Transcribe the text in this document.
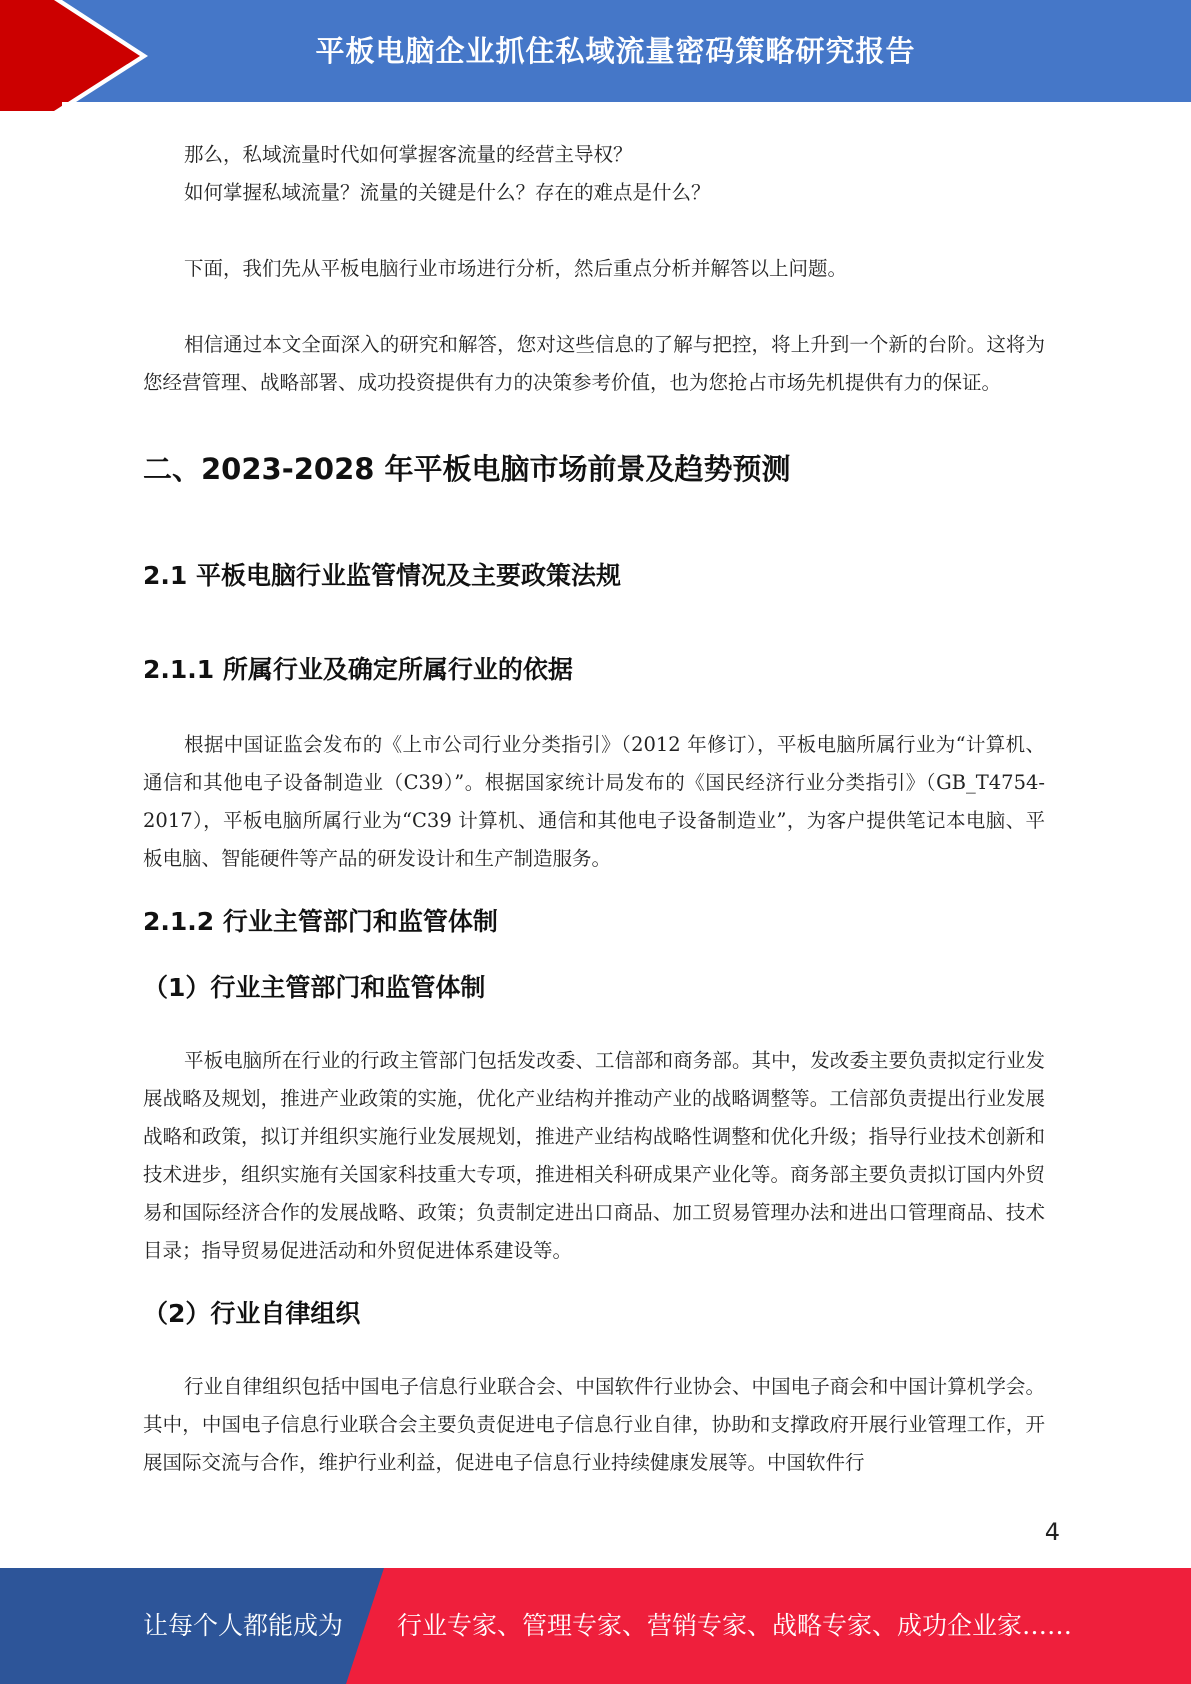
平板电脑企业抓住私域流量密码策略研究报告

那么，私域流量时代如何掌握客流量的经营主导权？

如何掌握私域流量？流量的关键是什么？存在的难点是什么？

下面，我们先从平板电脑行业市场进行分析，然后重点分析并解答以上问题。

相信通过本文全面深入的研究和解答，您对这些信息的了解与把控，将上升到一个新的台阶。这将为您经营管理、战略部署、成功投资提供有力的决策参考价值，也为您抢占市场先机提供有力的保证。

二、2023-2028 年平板电脑市场前景及趋势预测
2.1 平板电脑行业监管情况及主要政策法规
2.1.1 所属行业及确定所属行业的依据

根据中国证监会发布的《上市公司行业分类指引》（2012 年修订），平板电脑所属行业为“计算机、通信和其他电子设备制造业（C39）”。根据国家统计局发布的《国民经济行业分类指引》（GB_T4754-2017），平板电脑所属行业为“C39 计算机、通信和其他电子设备制造业”，为客户提供笔记本电脑、平板电脑、智能硬件等产品的研发设计和生产制造服务。

2.1.2 行业主管部门和监管体制
（1）行业主管部门和监管体制

平板电脑所在行业的行政主管部门包括发改委、工信部和商务部。其中，发改委主要负责拟定行业发展战略及规划，推进产业政策的实施，优化产业结构并推动产业的战略调整等。工信部负责提出行业发展战略和政策，拟订并组织实施行业发展规划，推进产业结构战略性调整和优化升级；指导行业技术创新和技术进步，组织实施有关国家科技重大专项，推进相关科研成果产业化等。商务部主要负责拟订国内外贸易和国际经济合作的发展战略、政策；负责制定进出口商品、加工贸易管理办法和进出口管理商品、技术目录；指导贸易促进活动和外贸促进体系建设等。

（2）行业自律组织

行业自律组织包括中国电子信息行业联合会、中国软件行业协会、中国电子商会和中国计算机学会。其中，中国电子信息行业联合会主要负责促进电子信息行业自律，协助和支撑政府开展行业管理工作，开展国际交流与合作，维护行业利益，促进电子信息行业持续健康发展等。中国软件行

4
让每个人都能成为 行业专家、管理专家、营销专家、战略专家、成功企业家……
